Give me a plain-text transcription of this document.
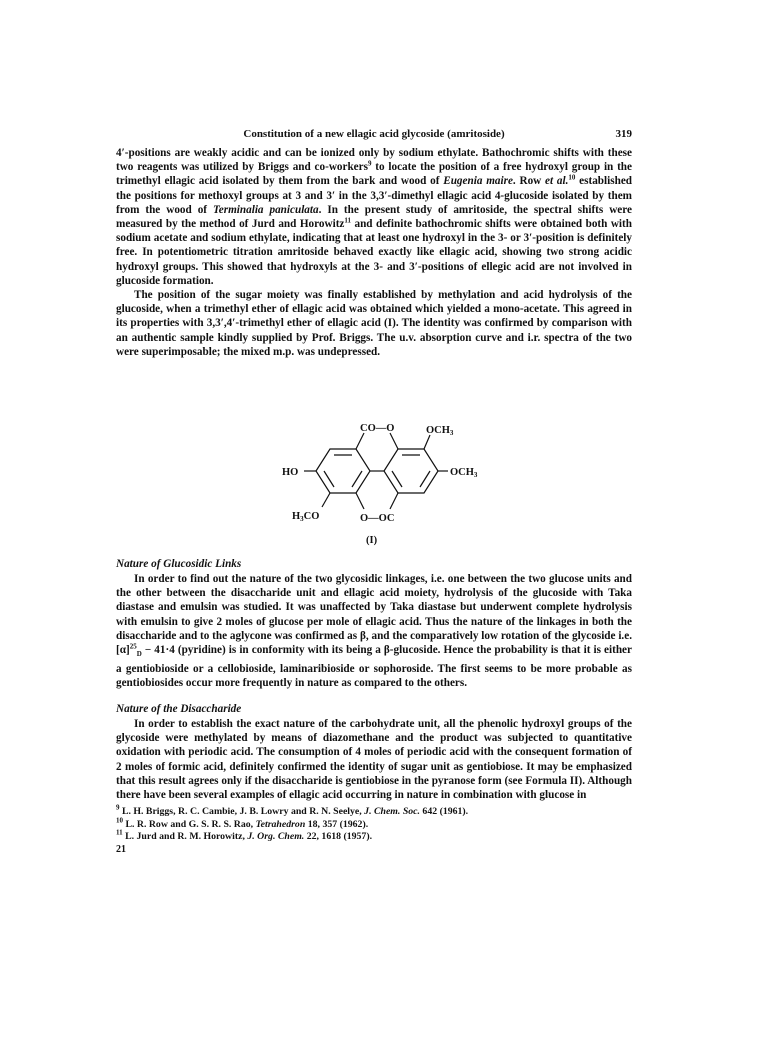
Constitution of a new ellagic acid glycoside (amritoside)	319

4′-positions are weakly acidic and can be ionized only by sodium ethylate. Bathochromic shifts with these two reagents was utilized by Briggs and co-workers$^9$ to locate the position of a free hydroxyl group in the trimethyl ellagic acid isolated by them from the bark and wood of Eugenia maire. Row et al.$^{10}$ established the positions for methoxyl groups at 3 and 3′ in the 3,3′-dimethyl ellagic acid 4-glucoside isolated by them from the wood of Terminalia paniculata. In the present study of amritoside, the spectral shifts were measured by the method of Jurd and Horowitz$^{11}$ and definite bathochromic shifts were obtained both with sodium acetate and sodium ethylate, indicating that at least one hydroxyl in the 3- or 3′-position is definitely free. In potentiometric titration amritoside behaved exactly like ellagic acid, showing two strong acidic hydroxyl groups. This showed that hydroxyls at the 3- and 3′-positions of ellegic acid are not involved in glucoside formation.

The position of the sugar moiety was finally established by methylation and acid hydrolysis of the glucoside, when a trimethyl ether of ellagic acid was obtained which yielded a mono-acetate. This agreed in its properties with 3,3′,4′-trimethyl ether of ellagic acid (I). The identity was confirmed by comparison with an authentic sample kindly supplied by Prof. Briggs. The u.v. absorption curve and i.r. spectra of the two were superimposable; the mixed m.p. was undepressed.

CO—O	OCH3
OCH3
HO
H3CO	O—OC
(I)
Nature of Glucosidic Links

In order to find out the nature of the two glycosidic linkages, i.e. one between the two glucose units and the other between the disaccharide unit and ellagic acid moiety, hydrolysis of the glucoside with Taka diastase and emulsin was studied. It was unaffected by Taka diastase but underwent complete hydrolysis with emulsin to give 2 moles of glucose per mole of ellagic acid. Thus the nature of the linkages in both the disaccharide and to the aglycone was confirmed as β, and the comparatively low rotation of the glycoside i.e. $[\alpha]^{25}_D - 41\cdot 4$ (pyridine) is in conformity with its being a β-glucoside. Hence the probability is that it is either a gentiobioside or a cellobioside, laminaribioside or sophoroside. The first seems to be more probable as gentiobiosides occur more frequently in nature as compared to the others.

Nature of the Disaccharide

In order to establish the exact nature of the carbohydrate unit, all the phenolic hydroxyl groups of the glycoside were methylated by means of diazomethane and the product was subjected to quantitative oxidation with periodic acid. The consumption of 4 moles of periodic acid with the consequent formation of 2 moles of formic acid, definitely confirmed the identity of sugar unit as gentiobiose. It may be emphasized that this result agrees only if the disaccharide is gentiobiose in the pyranose form (see Formula II). Although there have been several examples of ellagic acid occurring in nature in combination with glucose in

$^9$ L. H. Briggs, R. C. Cambie, J. B. Lowry and R. N. Seelye, J. Chem. Soc. 642 (1961).
$^{10}$ L. R. Row and G. S. R. S. Rao, Tetrahedron 18, 357 (1962).
$^{11}$ L. Jurd and R. M. Horowitz, J. Org. Chem. 22, 1618 (1957).
21
